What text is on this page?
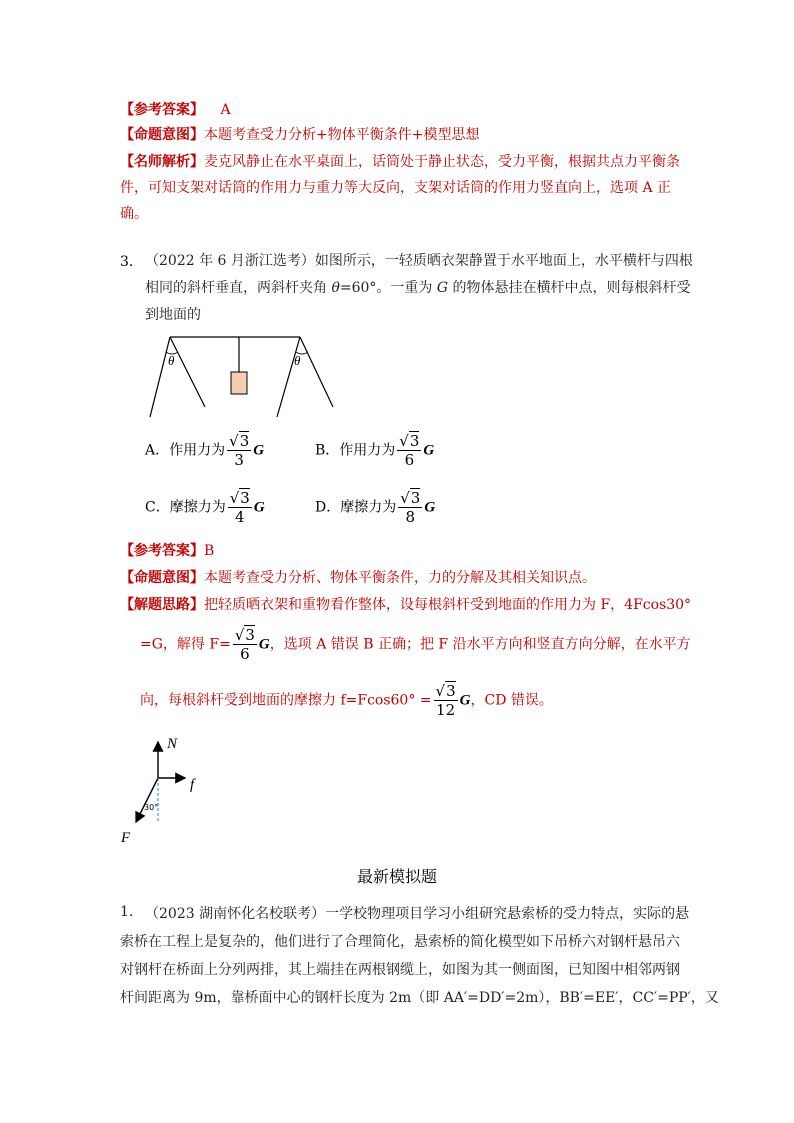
【参考答案】 A
【命题意图】本题考查受力分析+物体平衡条件+模型思想
【名师解析】麦克风静止在水平桌面上，话筒处于静止状态，受力平衡，根据共点力平衡条
件，可知支架对话筒的作用力与重力等大反向，支架对话筒的作用力竖直向上，选项 A 正
确。
3． （2022 年 6 月浙江选考）如图所示，一轻质晒衣架静置于水平地面上，水平横杆与四根
相同的斜杆垂直，两斜杆夹角 θ=60°。一重为 G 的物体悬挂在横杆中点，则每根斜杆受
到地面的
θ	θ
A．作用力为 $\frac{√3}{3}$ G	B．作用力为 $\frac{√3}{6}$ G
C．摩擦力为 $\frac{√3}{4}$ G	D．摩擦力为 $\frac{√3}{8}$ G
【参考答案】B
【命题意图】本题考查受力分析、物体平衡条件，力的分解及其相关知识点。
【解题思路】把轻质晒衣架和重物看作整体，设每根斜杆受到地面的作用力为 F，4Fcos30°
=G，解得 $F= \frac{√3}{6}$ G，选项 A 错误 B 正确；把 F 沿水平方向和竖直方向分解，在水平方
向，每根斜杆受到地面的摩擦力 $f=Fcos60^\circ = \frac{√3}{12}$ G，CD 错误。
N
f
F
30°
最新模拟题
1. （2023 湖南怀化名校联考）一学校物理项目学习小组研究悬索桥的受力特点，实际的悬
索桥在工程上是复杂的，他们进行了合理简化，悬索桥的简化模型如下吊桥六对钢杆悬吊六
对钢杆在桥面上分列两排，其上端挂在两根钢缆上，如图为其一侧面图，已知图中相邻两钢
杆间距离为 9m，靠桥面中心的钢杆长度为 2m（即 AA′=DD′=2m），BB′=EE′，CC′=PP′，又
